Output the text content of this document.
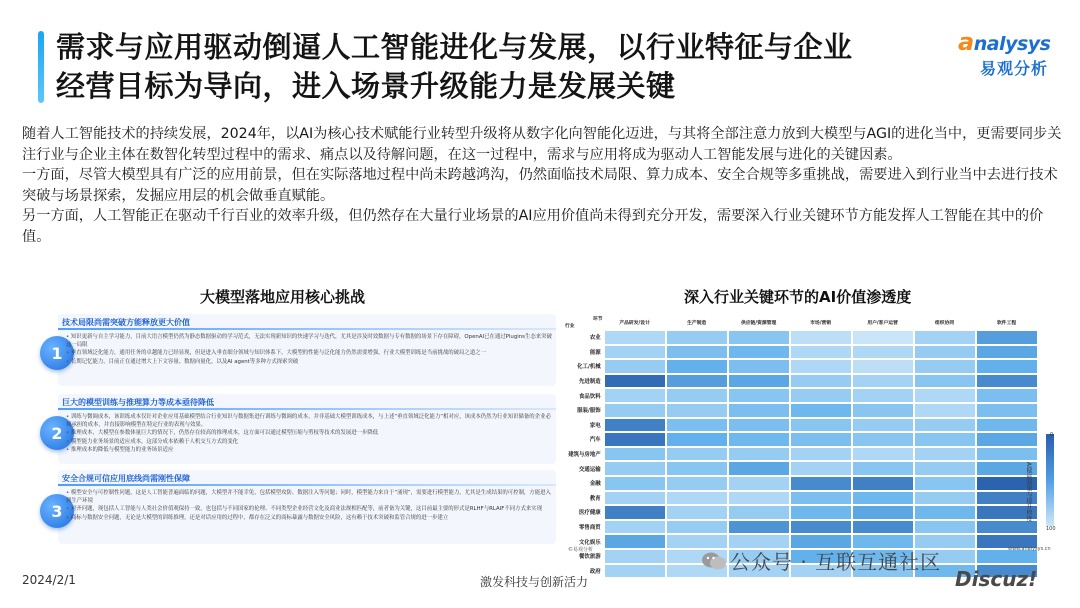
需求与应用驱动倒逼人工智能进化与发展，以行业特征与企业
经营目标为导向，进入场景升级能力是发展关键
analysys
易观分析

随着人工智能技术的持续发展，2024年，以AI为核心技术赋能行业转型升级将从数字化向智能化迈进，与其将全部注意力放到大模型与AGI的进化当中，更需要同步关注行业与企业主体在数智化转型过程中的需求、痛点以及待解问题，在这一过程中，需求与应用将成为驱动人工智能发展与进化的关键因素。

一方面，尽管大模型具有广泛的应用前景，但在实际落地过程中尚未跨越鸿沟，仍然面临技术局限、算力成本、安全合规等多重挑战，需要进入到行业当中去进行技术突破与场景探索，发掘应用层的机会做垂直赋能。

另一方面，人工智能正在驱动千行百业的效率升级，但仍然存在大量行业场景的AI应用价值尚未得到充分开发，需要深入行业关键环节方能发挥人工智能在其中的价值。

大模型落地应用核心挑战	深入行业关键环节的AI价值渗透度
技术局限尚需突破方能释放更大价值
1
• 知识更新与自主学习能力，目前大语言模型仍然为静态数据驱动的学习范式，无法实现新知识的快速学习与迭代，尤其是涉及时效数据与专有数据的场景下存在障碍，OpenAI已在通过Plugins生态来突破这一局限
• 垂直领域泛化能力，通用任务的卓越能力已经显现，但是进入垂直细分领域与知识体系下，大模型的性能与泛化能力仍然需要增强，行业大模型训练是当前挑战的破局之道之一
• 长期记忆能力，目前正在通过增大上下文容量、数据向量化，以及AI agent等多种方式探索突破
巨大的模型训练与推理算力等成本亟待降低
2
• 训练与微调成本，该训练成本仅针对企业应用基础模型结合行业知识与数据集进行训练与微调的成本，并非基础大模型训练成本，与上述“垂直领域泛化能力”相对应，该成本仍然为行业知识储备的企业必须承担的成本，并直接影响模型在特定行业的表现与效果。
• 推理成本，大模型在参数体量巨大的情况下，仍然存在较高的推理成本，这方面可以通过模型压缩与剪枝等技术的发展进一步降低
• 模型能力业务场景的适应成本，这部分成本依赖于人机交互方式的变化
• 推理成本的降低与模型能力的业务场景适应
安全合规可信应用底线尚需刚性保障
3
• 模型安全与可控制性问题，这是人工智能普遍面临的问题，大模型并不能幸免，包括模型攻防、数据注入等问题；同时，模型能力来自于“涌现”，需要进行模型能力，尤其是生成结果的可控制，方能进入到生产环境
• 对齐问题，现包括人工智能与人类社会价值观保持一致，也包括与不同国家的伦理、不同类型企业经营文化及商业法规相匹配等，前者备为关键，这目前最主要的形式是RLHF与RLAIF不同方式来实现
• 商标与数据安全问题，无论是大模型的训练推理，还是对话应用的过程中，都存在泛义的商标暴露与数据安全风险，这有赖于技术突破和监管合规的进一步建立
环节
行业	产品研发/设计	生产制造	供应链/资源管理	市场/营销	用户/客户运营	组织协同	软件工程
农业							
能源							
化工/机械							
先进制造							
食品饮料							
服装/服饰							
家电							
汽车							
建筑与房地产							
交通运输							
金融							
教育							
医疗健康							
零售商贸							
文化娱乐							
餐饮旅游							
政府							
0
100
AI赋能效果与提升程度
©易观分析	www.analysys.cn
2024/2/1	激发科技与创新活力
公众号 · 互联互通社区
Discuz!
